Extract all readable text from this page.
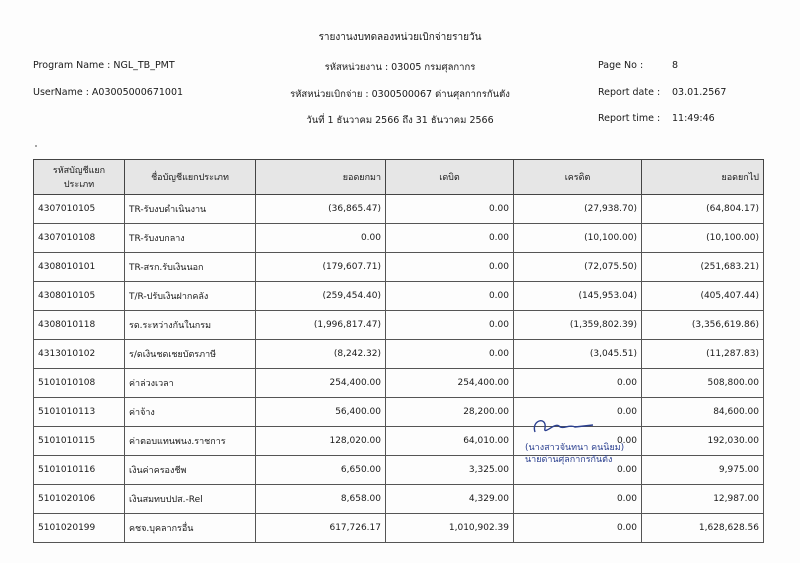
รายงานงบทดลองหน่วยเบิกจ่ายรายวัน
Program Name : NGL_TB_PMT
UserName : A03005000671001
รหัสหน่วยงาน : 03005 กรมศุลกากร
รหัสหน่วยเบิกจ่าย : 0300500067 ด่านศุลกากรกันตัง
วันที่ 1 ธันวาคม 2566 ถึง 31 ธันวาคม 2566
Page No :	8
Report date : 03.01.2567
Report time : 11:49:46
รหัสบัญชีแยกประเภท	ชื่อบัญชีแยกประเภท	ยอดยกมา	เดบิต	เครดิต	ยอดยกไป
4307010105	TR-รับงบดำเนินงาน	(36,865.47)	0.00	(27,938.70)	(64,804.17)
4307010108	TR-รับงบกลาง	0.00	0.00	(10,100.00)	(10,100.00)
4308010101	TR-สรก.รับเงินนอก	(179,607.71)	0.00	(72,075.50)	(251,683.21)
4308010105	T/R-ปรับเงินฝากคลัง	(259,454.40)	0.00	(145,953.04)	(405,407.44)
4308010118	รด.ระหว่างกันในกรม	(1,996,817.47)	0.00	(1,359,802.39)	(3,356,619.86)
4313010102	ร/ดเงินชดเชยบัตรภาษี	(8,242.32)	0.00	(3,045.51)	(11,287.83)
5101010108	ค่าล่วงเวลา	254,400.00	254,400.00	0.00	508,800.00
5101010113	ค่าจ้าง	56,400.00	28,200.00	0.00	84,600.00
5101010115	ค่าตอบแทนพนง.ราชการ	128,020.00	64,010.00	0.00	192,030.00
5101010116	เงินค่าครองชีพ	6,650.00	3,325.00	0.00	9,975.00
5101020106	เงินสมทบปปส.-Rel	8,658.00	4,329.00	0.00	12,987.00
5101020199	คชจ.บุคลากรอื่น	617,726.17	1,010,902.39	0.00	1,628,628.56
(นางสาวจันทนา คนนิยม)
นายด่านศุลกากรกันตัง
